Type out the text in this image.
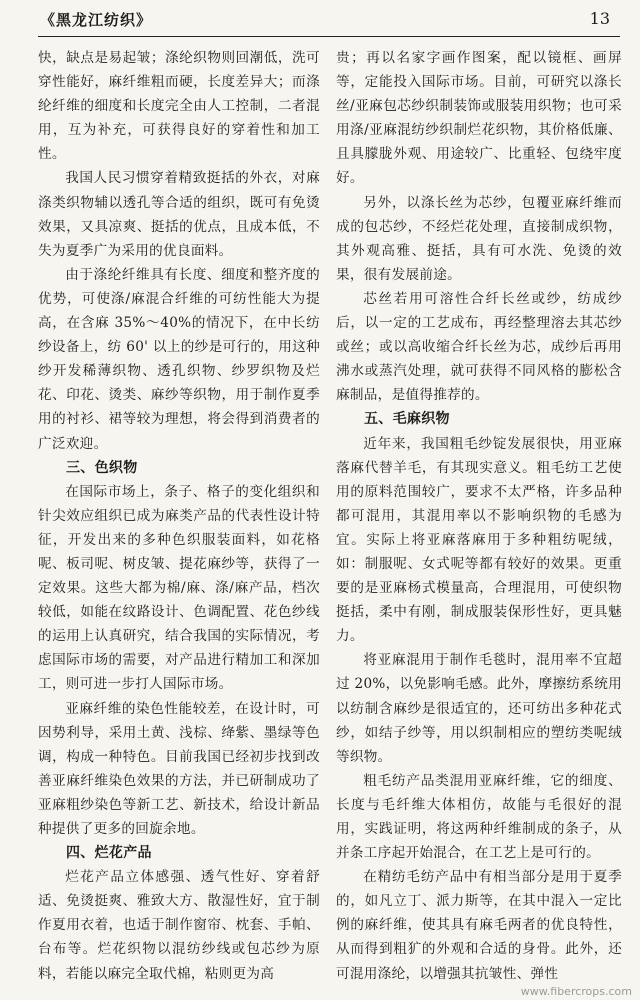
《黑龙江纺织》	13

快，缺点是易起皱；涤纶织物则回潮低，洗可穿性能好，麻纤维粗而硬，长度差异大；而涤纶纤维的细度和长度完全由人工控制，二者混用，互为补充，可获得良好的穿着性和加工性。

我国人民习惯穿着精致挺括的外衣，对麻涤类织物辅以透孔等合适的组织，既可有免烫效果，又具凉爽、挺括的优点，且成本低，不失为夏季广为采用的优良面料。

由于涤纶纤维具有长度、细度和整齐度的优势，可使涤/麻混合纤维的可纺性能大为提高，在含麻 35%～40%的情况下，在中长纺纱设备上，纺 60' 以上的纱是可行的，用这种纱开发稀薄织物、透孔织物、纱罗织物及烂花、印花、烫类、麻纱等织物，用于制作夏季用的衬衫、裙等较为理想，将会得到消费者的广泛欢迎。

三、色织物

在国际市场上，条子、格子的变化组织和针尖效应组织已成为麻类产品的代表性设计特征，开发出来的多种色织服装面料，如花格呢、板司呢、树皮皱、提花麻纱等，获得了一定效果。这些大都为棉/麻、涤/麻产品，档次较低，如能在纹路设计、色调配置、花色纱线的运用上认真研究，结合我国的实际情况，考虑国际市场的需要，对产品进行精加工和深加工，则可进一步打人国际市场。

亚麻纤维的染色性能较差，在设计时，可因势利导，采用土黄、浅棕、绛紫、墨绿等色调，构成一种特色。目前我国已经初步找到改善亚麻纤维染色效果的方法，并已研制成功了亚麻粗纱染色等新工艺、新技术，给设计新品种提供了更多的回旋余地。

四、烂花产品

烂花产品立体感强、透气性好、穿着舒适、免烫挺爽、雅致大方、散湿性好，宜于制作夏用衣着，也适于制作窗帘、枕套、手帕、台布等。烂花织物以混纺纱线或包芯纱为原料，若能以麻完全取代棉，粘则更为高

贵；再以名家字画作图案，配以镜框、画屏等，定能投入国际市场。目前，可研究以涤长丝/亚麻包芯纱织制装饰或服装用织物；也可采用涤/亚麻混纺纱织制烂花织物，其价格低廉、且具朦胧外观、用途较广、比重轻、包绕牢度好。

另外，以涤长丝为芯纱，包覆亚麻纤维而成的包芯纱，不经烂花处理，直接制成织物，其外观高雅、挺括，具有可水洗、免烫的效果，很有发展前途。

芯丝若用可溶性合纤长丝或纱，纺成纱后，以一定的工艺成布，再经整理溶去其芯纱或丝；或以高收缩合纤长丝为芯，成纱后再用沸水或蒸汽处理，就可获得不同风格的膨松含麻制品，是值得推荐的。

五、毛麻织物

近年来，我国粗毛纱锭发展很快，用亚麻落麻代替羊毛，有其现实意义。粗毛纺工艺使用的原料范围较广，要求不太严格，许多品种都可混用，其混用率以不影响织物的毛感为宜。实际上将亚麻落麻用于多种粗纺呢绒，如：制服呢、女式呢等都有较好的效果。更重要的是亚麻杨式模量高，合理混用，可使织物挺括，柔中有刚，制成服装保形性好，更具魅力。

将亚麻混用于制作毛毯时，混用率不宜超过 20%，以免影响毛感。此外，摩擦纺系统用以纺制含麻纱是很适宜的，还可纺出多种花式纱，如结子纱等，用以织制相应的塑纺类呢绒等织物。

粗毛纺产品类混用亚麻纤维，它的细度、长度与毛纤维大体相仿，故能与毛很好的混用，实践证明，将这两种纤维制成的条子，从并条工序起开始混合，在工艺上是可行的。

在精纺毛纺产品中有相当部分是用于夏季的，如凡立丁、派力斯等，在其中混入一定比例的麻纤维，使其具有麻毛两者的优良特性，从而得到粗犷的外观和合适的身骨。此外，还可混用涤纶，以增强其抗皱性、弹性

www.fibercrops.com
